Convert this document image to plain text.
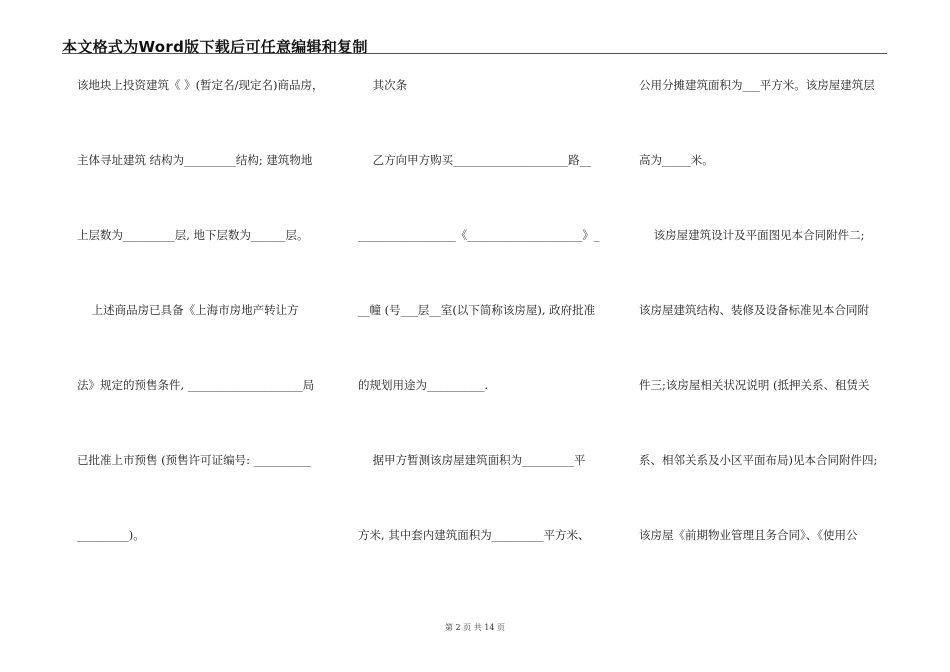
本文格式为Word版下载后可任意编辑和复制
该地块上投资建筑《 》(暂定名/现定名)商品房，
主体寻址建筑 结构为_________结构; 建筑物地
上层数为_________层, 地下层数为______层。
上述商品房已具备《上海市房地产转让方
法》规定的预售条件, ____________________局
已批准上市预售 (预售许可证编号: __________
_________)。
其次条
乙方向甲方购买____________________路__
_________________《____________________》_
__幢 (号___层__室(以下简称该房屋), 政府批准
的规划用途为__________.
据甲方暂测该房屋建筑面积为_________平
方米, 其中套内建筑面积为_________平方米、
公用分摊建筑面积为___平方米。该房屋建筑层
高为_____米。
该房屋建筑设计及平面图见本合同附件二;
该房屋建筑结构、装修及设备标准见本合同附
件三;该房屋相关状况说明 (抵押关系、租赁关
系、相邻关系及小区平面布局)见本合同附件四;
该房屋《前期物业管理且务合同》、《使用公
第 2 页 共 14 页
